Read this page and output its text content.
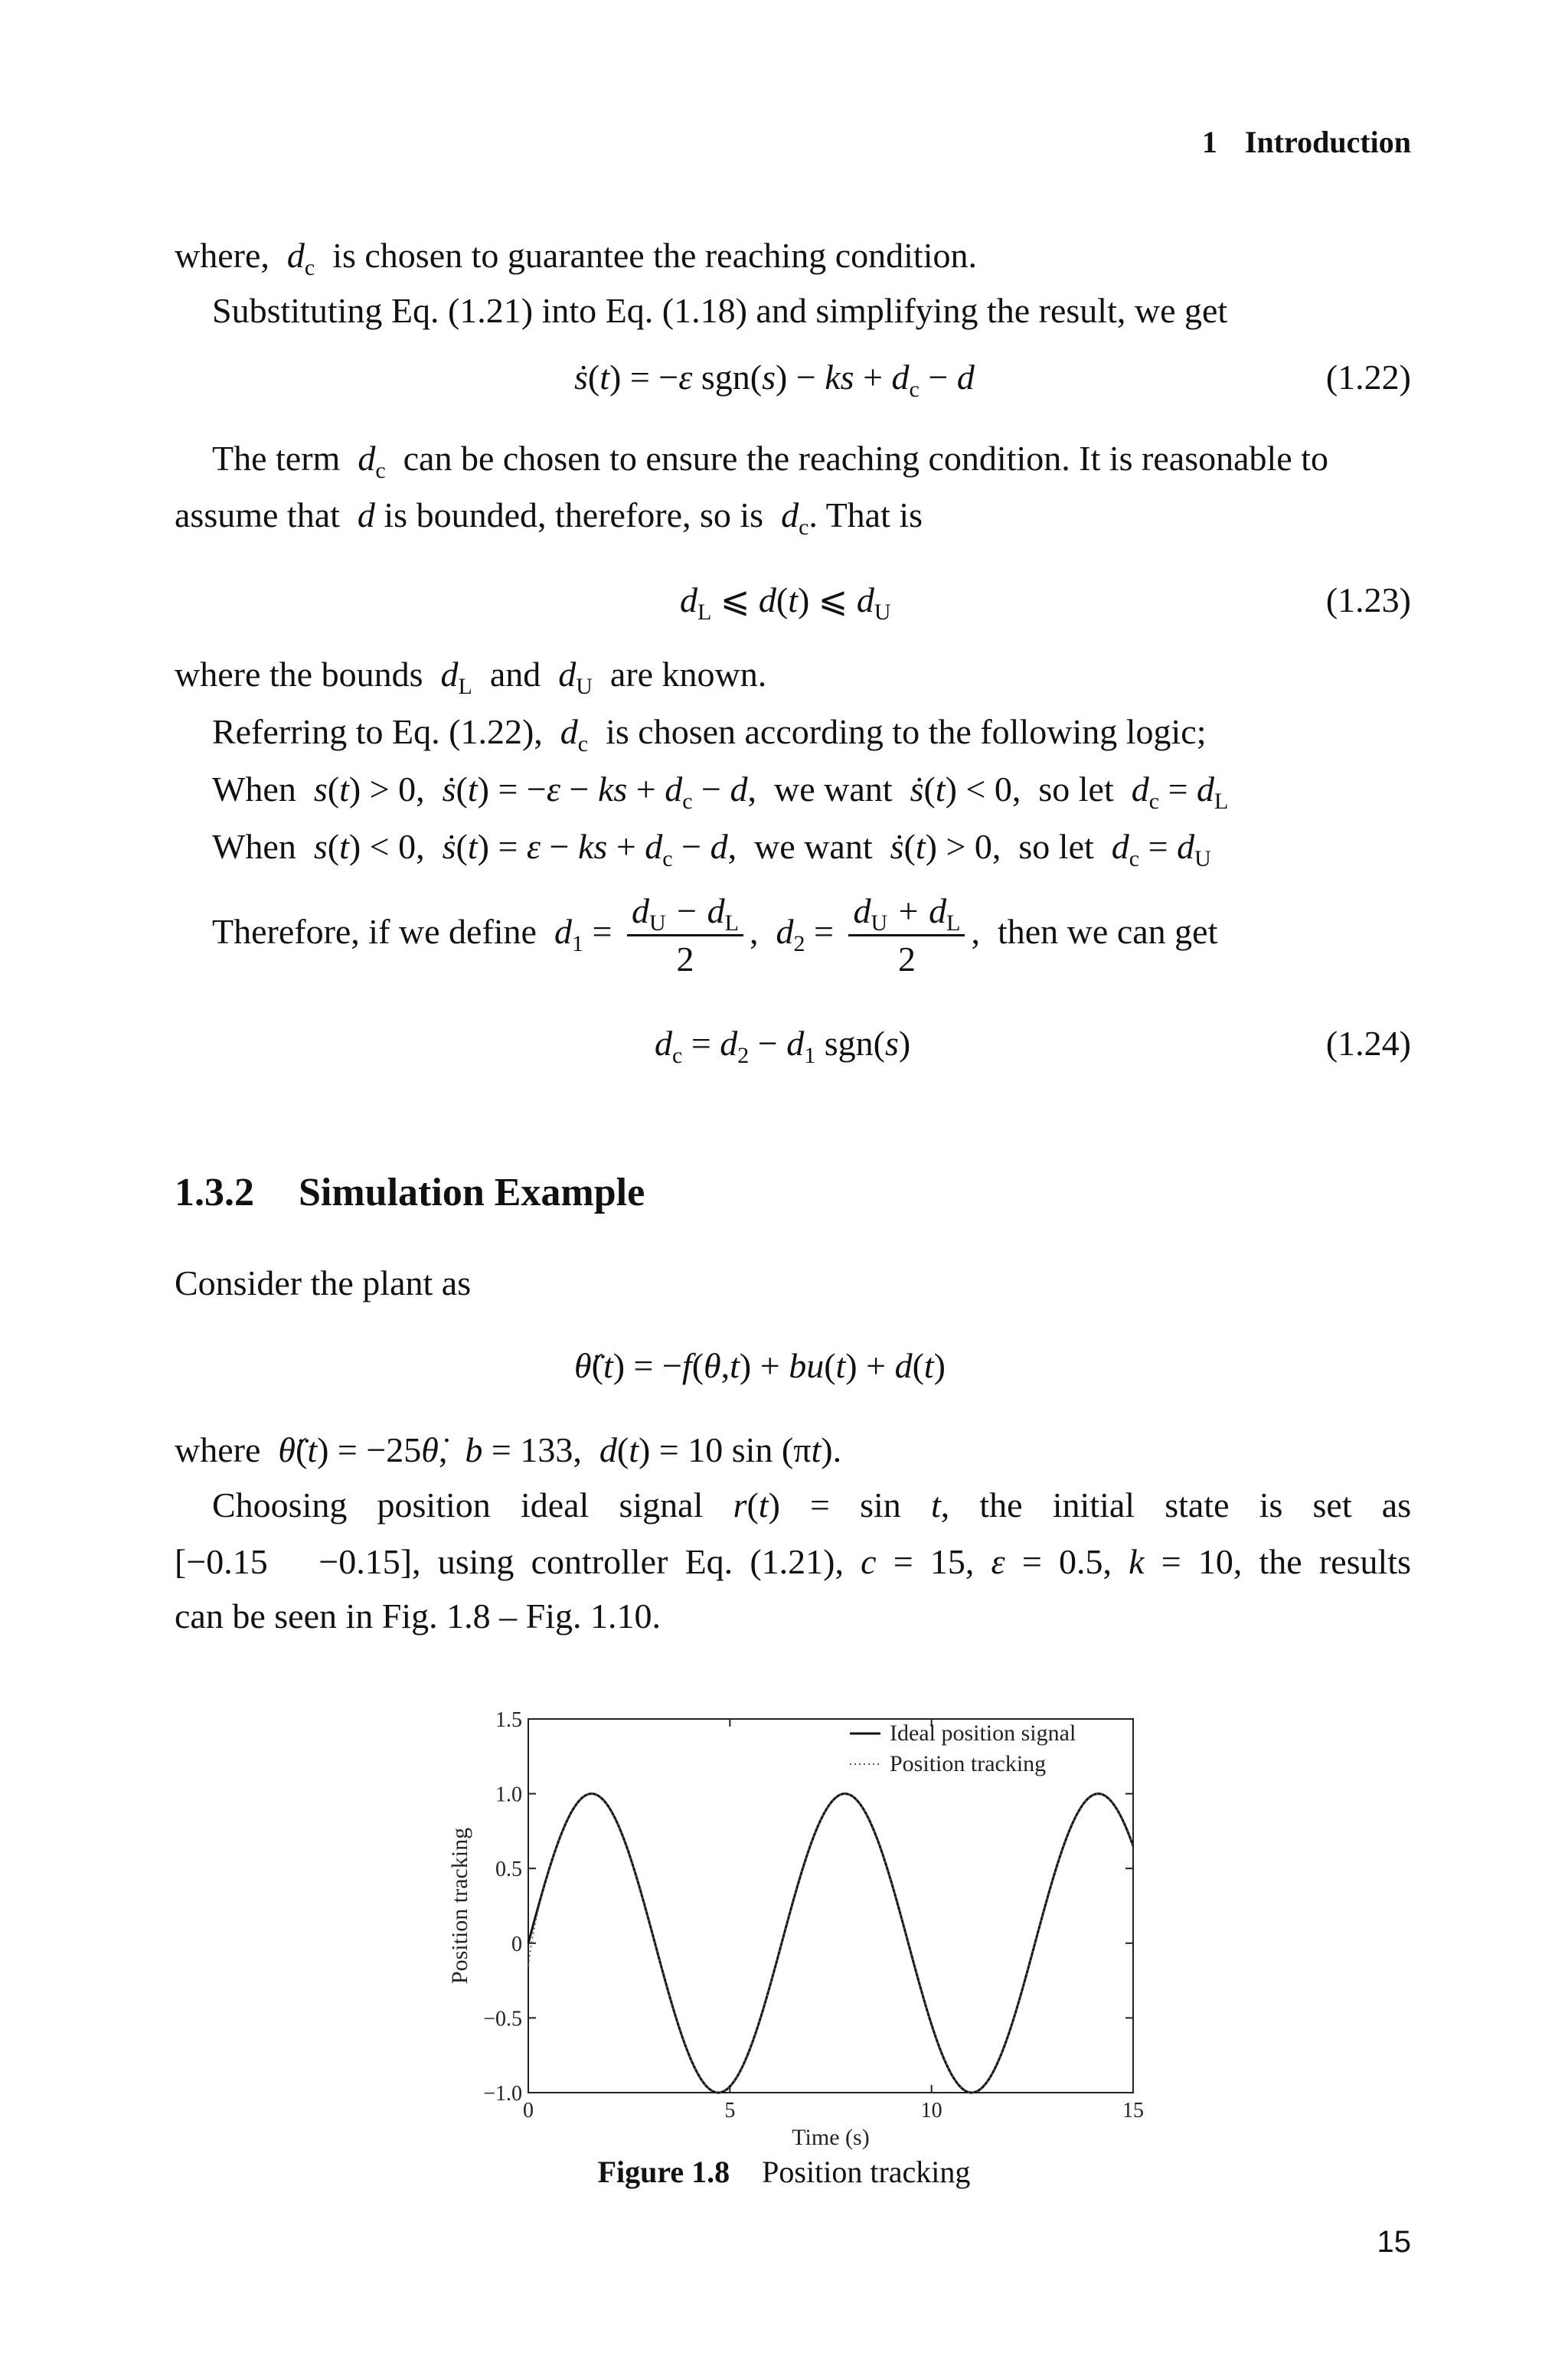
1 Introduction
where,  $d_c$ is chosen to guarantee the reaching condition.
Substituting Eq. (1.21) into Eq. (1.18) and simplifying the result, we get
ṡ(t) = −ε sgn(s) − ks + $d_c - d$	(1.22)
The term  $d_c$ can be chosen to ensure the reaching condition. It is reasonable to
assume that  d is bounded, therefore, so is  $d_c$. That is
$d_L$ ⩽ d(t) ⩽ $d_U$	(1.23)
where the bounds  $d_L$ and  $d_U$ are known.
Referring to Eq. (1.22),  $d_c$ is chosen according to the following logic;
When s(t) > 0,  ṡ(t) = −ε − ks + $d_c - d$,  we want ṡ(t) < 0,  so let $d_c = d_L$
When s(t) < 0,  ṡ(t) = ε − ks + $d_c - d$,  we want ṡ(t) > 0,  so let $d_c = d_U$
Therefore, if we define $d_1 = \frac{d_U - d_L}{2}$ ,  $d_2 = \frac{d_U + d_L}{2}$ ,  then we can get
$d_c = d_2 - d_1$ sgn(s)	(1.24)
1.3.2 Simulation Example
Consider the plant as
θ̈(t) = −f(θ,t) + bu(t) + d(t)
where θ̈(t) = −25θ̇,  b = 133,  d(t) = 10 sin (πt).
Choosing position ideal signal r(t) = sin t, the initial state is set as
[−0.15   −0.15], using controller Eq. (1.21), c = 15, ε = 0.5, k = 10, the results
can be seen in Fig. 1.8 – Fig. 1.10.
1.5
1.0
0.5
0
−0.5
−1.0
0	5	10	15
Time (s)
Position tracking
Ideal position signal
Position tracking
Figure 1.8 Position tracking
15
